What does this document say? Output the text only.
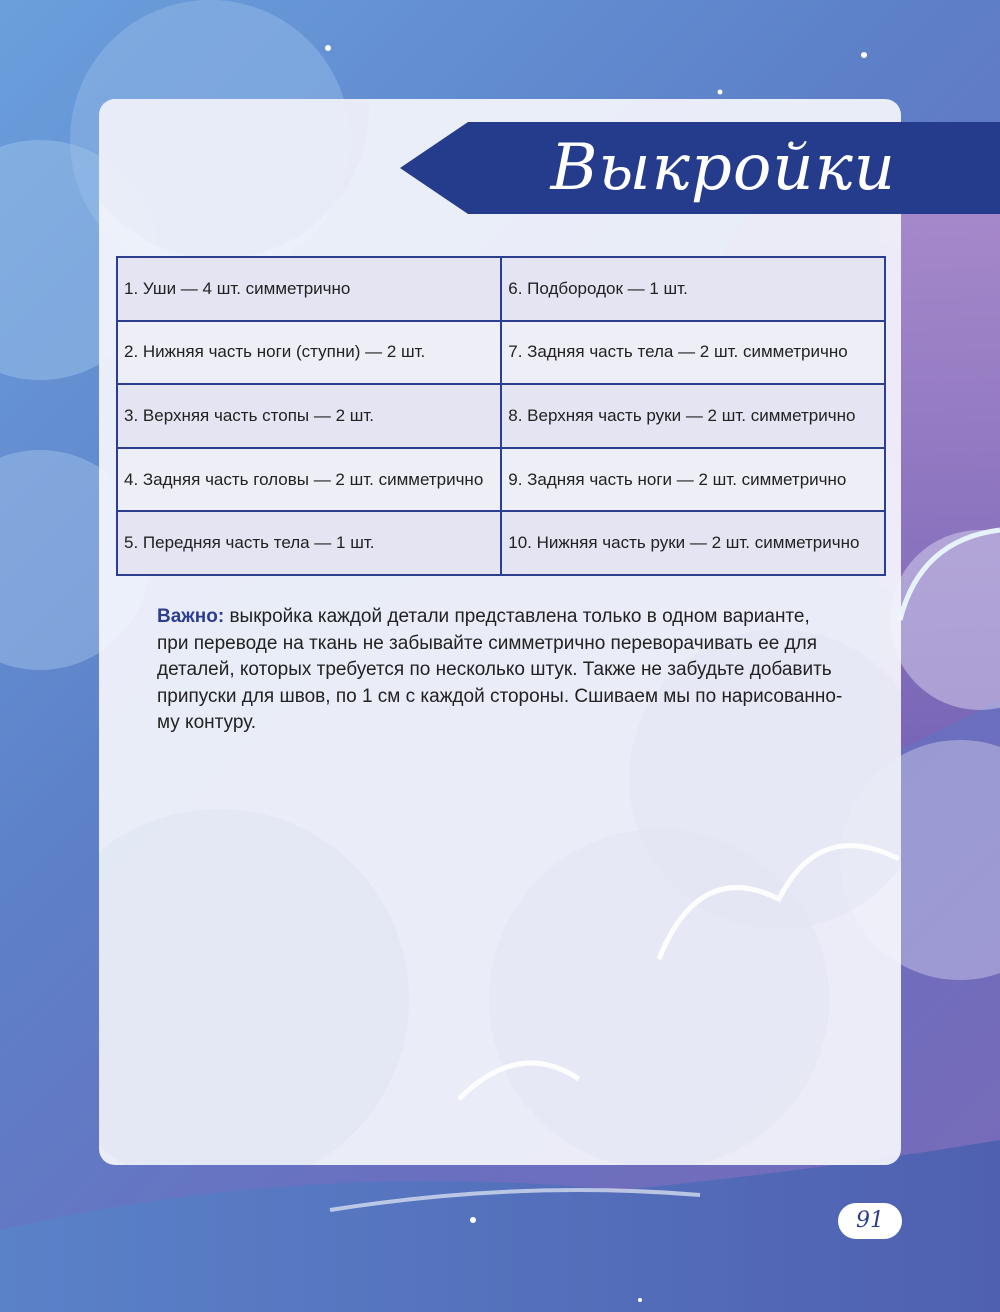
Выкройки
1. Уши — 4 шт. симметрично	6. Подбородок — 1 шт.
2. Нижняя часть ноги (ступни) — 2 шт.	7. Задняя часть тела — 2 шт. симметрично
3. Верхняя часть стопы — 2 шт.	8. Верхняя часть руки — 2 шт. симметрично
4. Задняя часть головы — 2 шт. симметрично	9. Задняя часть ноги — 2 шт. симметрично
5. Передняя часть тела — 1 шт.	10. Нижняя часть руки — 2 шт. симметрично
Важно: выкройка каждой детали представлена только в одном варианте,
при переводе на ткань не забывайте симметрично переворачивать ее для
деталей, которых требуется по несколько штук. Также не забудьте добавить
припуски для швов, по 1 см с каждой стороны. Сшиваем мы по нарисованно-
му контуру.
91
